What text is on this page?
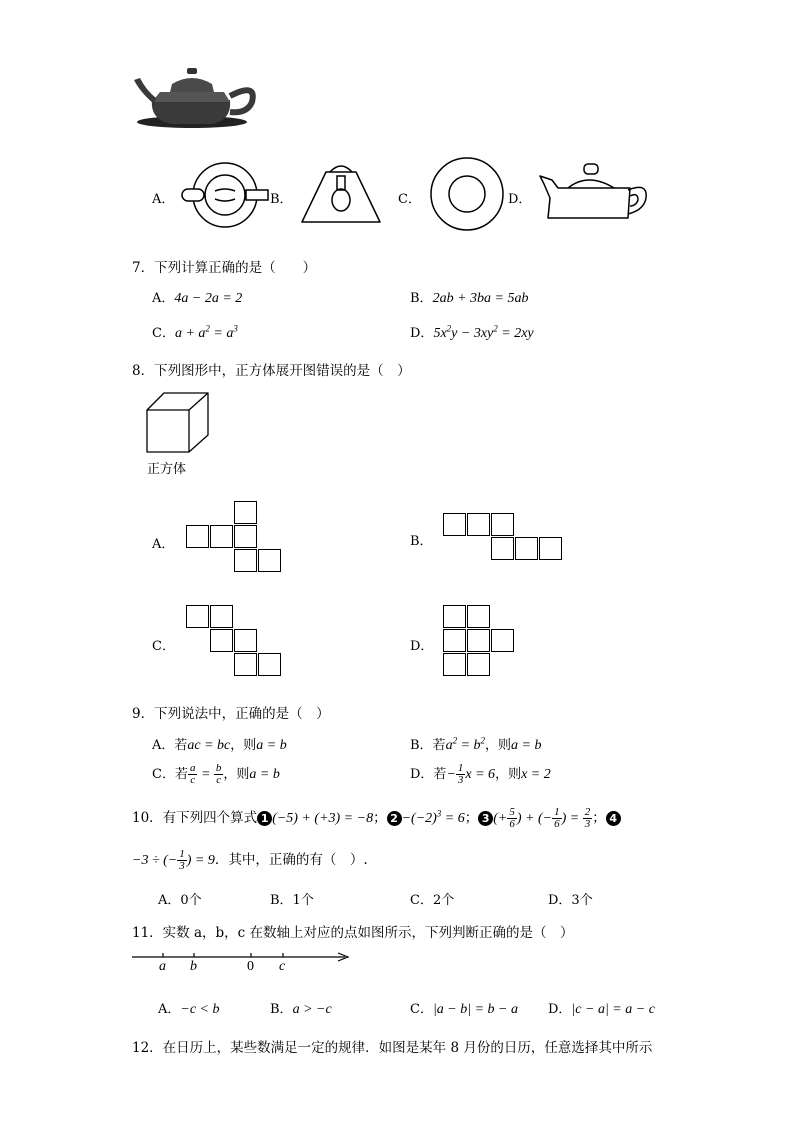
A．	B．	C．	D．
7．下列计算正确的是（　　）
A．4a − 2a = 2	B．2ab + 3ba = 5ab
C．$a + a^2 = a^3$	D．$5x^2y - 3xy^2 = 2xy$
8．下列图形中，正方体展开图错误的是（　）
正方体
A．	B．
C．	D．
9．下列说法中，正确的是（　）
A．若ac = bc，则a = b	B．若$a^2 = b^2$，则a = b
C．若 $\frac{a}{c} = \frac{b}{c}$ ，则a = b	D．若− $\frac{1}{3}$ x = 6，则x = 2
10．有下列四个算式 1 (−5) + (+3) = −8； $2 -(-2)^3 = 6$； 3 (+ $\frac{5}{6}$ ) + (− $\frac{1}{6}$ ) = $\frac{2}{3}$ ； 4
−3 ÷ (− $\frac{1}{3}$ ) = 9．其中，正确的有（　）.
A．0个	B．1个	C．2个	D．3个
11．实数 a，b，c 在数轴上对应的点如图所示，下列判断正确的是（　）
a b	0 c
A．−c < b	B．a > −c	C．|a − b| = b − a D．|c − a| = a − c
12．在日历上，某些数满足一定的规律．如图是某年 8 月份的日历，任意选择其中所示
